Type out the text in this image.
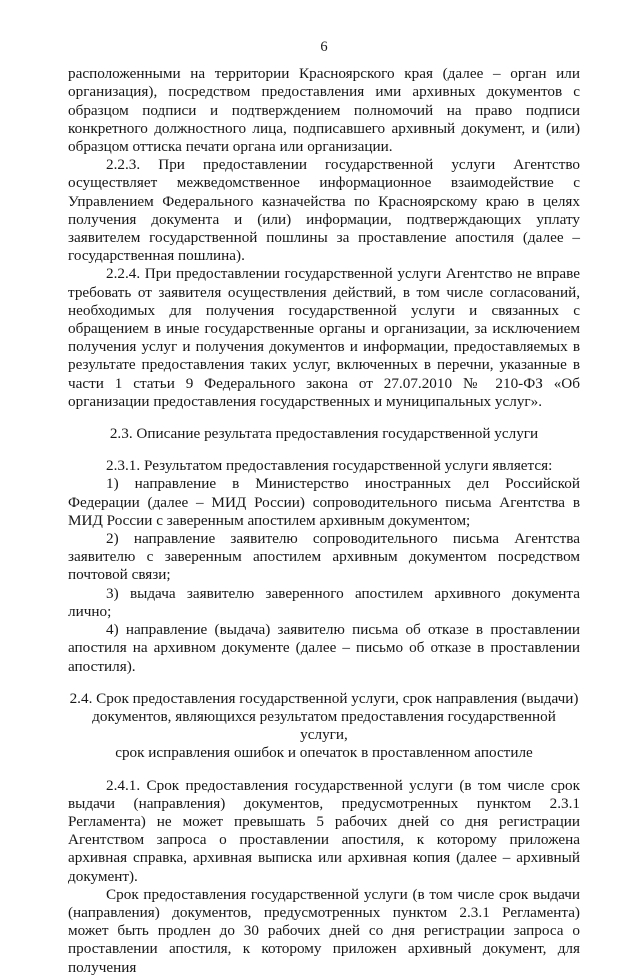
6

расположенными на территории Красноярского края (далее – орган или организация), посредством предоставления ими архивных документов с образцом подписи и подтверждением полномочий на право подписи конкретного должностного лица, подписавшего архивный документ, и (или) образцом оттиска печати органа или организации.

2.2.3. При предоставлении государственной услуги Агентство осуществляет межведомственное информационное взаимодействие с Управлением Федерального казначейства по Красноярскому краю в целях получения документа и (или) информации, подтверждающих уплату заявителем государственной пошлины за проставление апостиля (далее – государственная пошлина).

2.2.4. При предоставлении государственной услуги Агентство не вправе требовать от заявителя осуществления действий, в том числе согласований, необходимых для получения государственной услуги и связанных с обращением в иные государственные органы и организации, за исключением получения услуг и получения документов и информации, предоставляемых в результате предоставления таких услуг, включенных в перечни, указанные в части 1 статьи 9 Федерального закона от 27.07.2010 № 210-ФЗ «Об организации предоставления государственных и муниципальных услуг».

2.3. Описание результата предоставления государственной услуги

2.3.1. Результатом предоставления государственной услуги является:

1) направление в Министерство иностранных дел Российской Федерации (далее – МИД России) сопроводительного письма Агентства в МИД России с заверенным апостилем архивным документом;

2) направление заявителю сопроводительного письма Агентства заявителю с заверенным апостилем архивным документом посредством почтовой связи;

3) выдача заявителю заверенного апостилем архивного документа лично;

4) направление (выдача) заявителю письма об отказе в проставлении апостиля на архивном документе (далее – письмо об отказе в проставлении апостиля).

2.4. Срок предоставления государственной услуги, срок направления (выдачи)

документов, являющихся результатом предоставления государственной услуги,

срок исправления ошибок и опечаток в проставленном апостиле

2.4.1. Срок предоставления государственной услуги (в том числе срок выдачи (направления) документов, предусмотренных пунктом 2.3.1 Регламента) не может превышать 5 рабочих дней со дня регистрации Агентством запроса о проставлении апостиля, к которому приложена архивная справка, архивная выписка или архивная копия (далее – архивный документ).

Срок предоставления государственной услуги (в том числе срок выдачи (направления) документов, предусмотренных пунктом 2.3.1 Регламента) может быть продлен до 30 рабочих дней со дня регистрации запроса о проставлении апостиля, к которому приложен архивный документ, для получения
